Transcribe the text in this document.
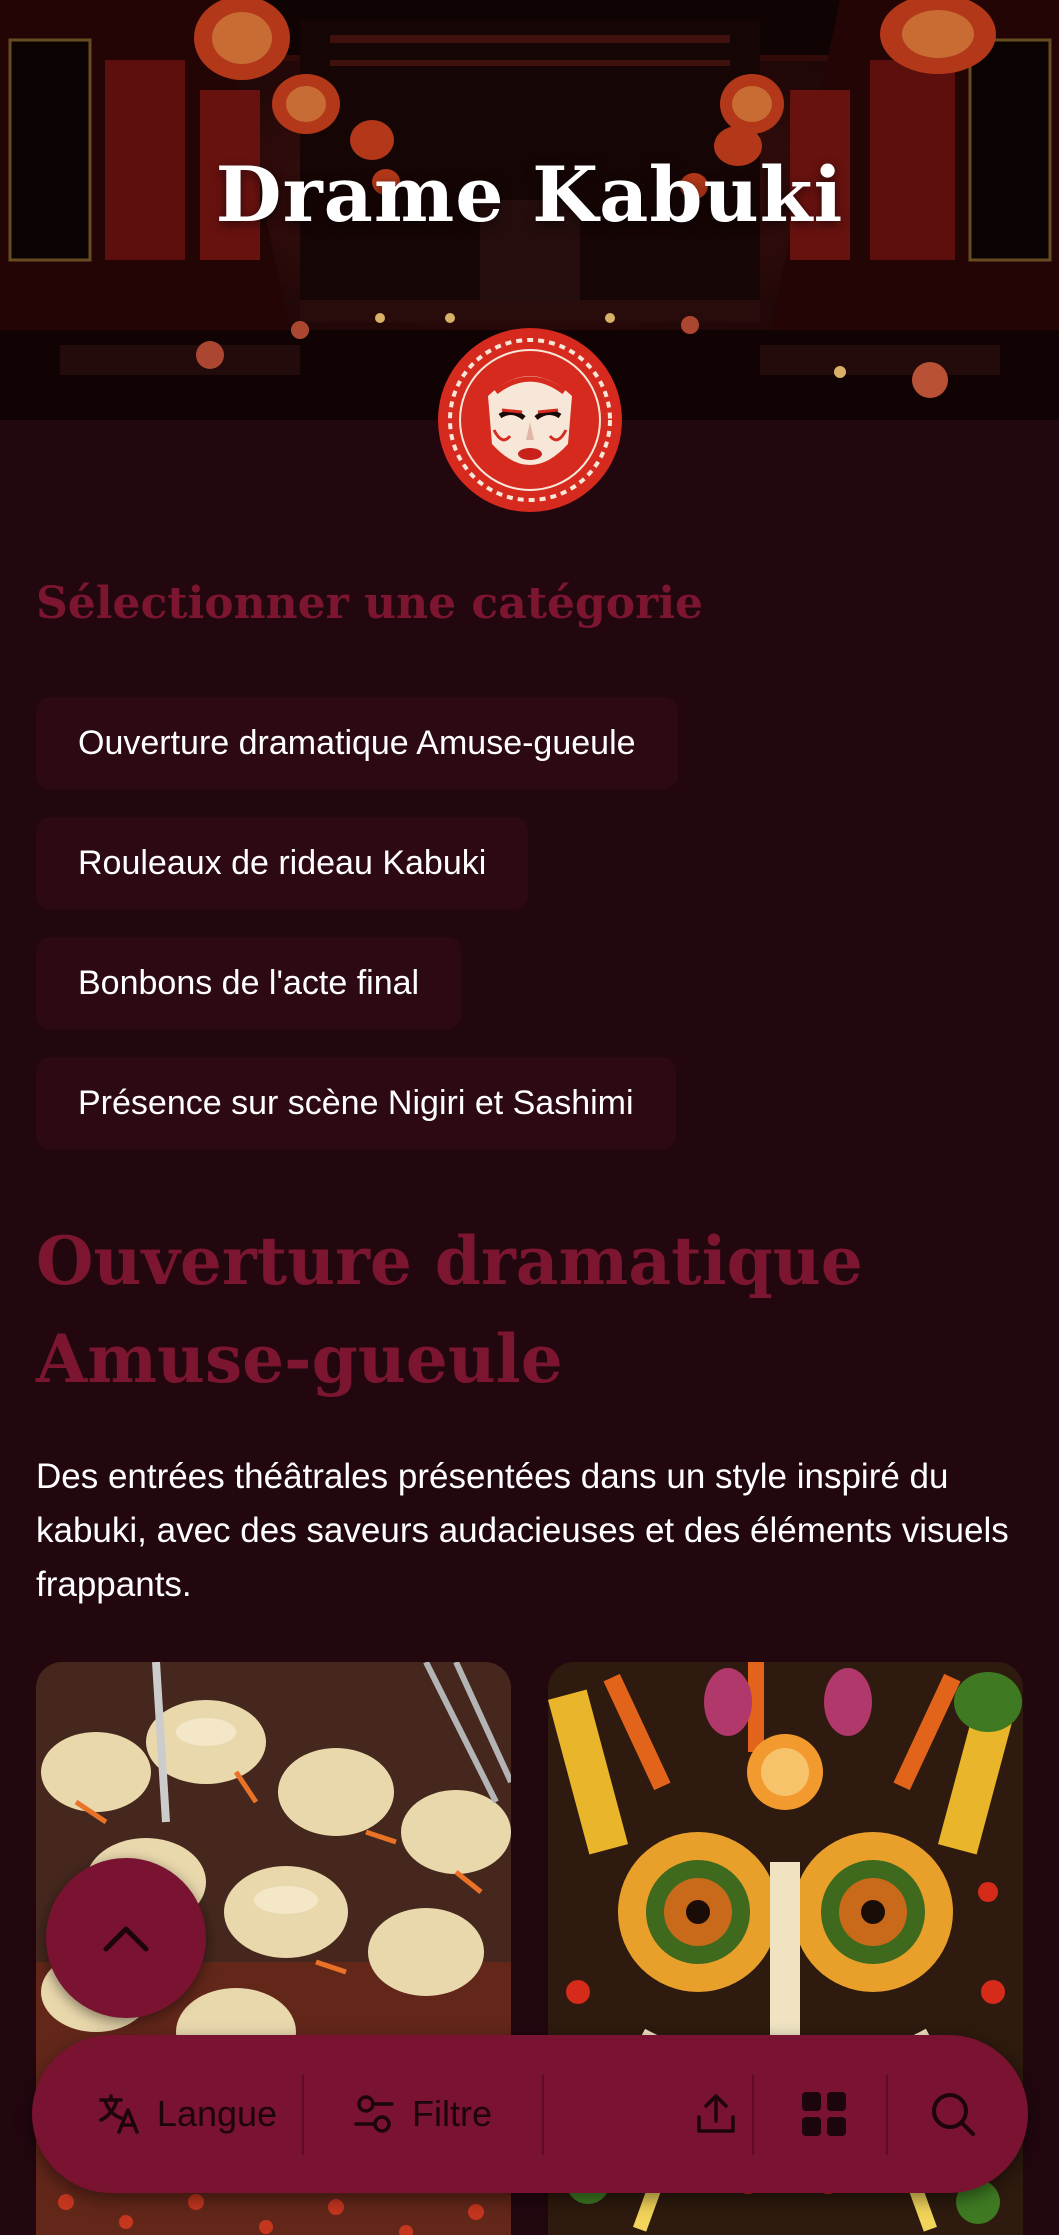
Drame Kabuki
Sélectionner une catégorie
Ouverture dramatique Amuse-gueule
Rouleaux de rideau Kabuki
Bonbons de l'acte final
Présence sur scène Nigiri et Sashimi
Ouverture dramatique Amuse-gueule

Des entrées théâtrales présentées dans un style inspiré du kabuki, avec des saveurs audacieuses et des éléments visuels frappants.

Langue	Filtre
